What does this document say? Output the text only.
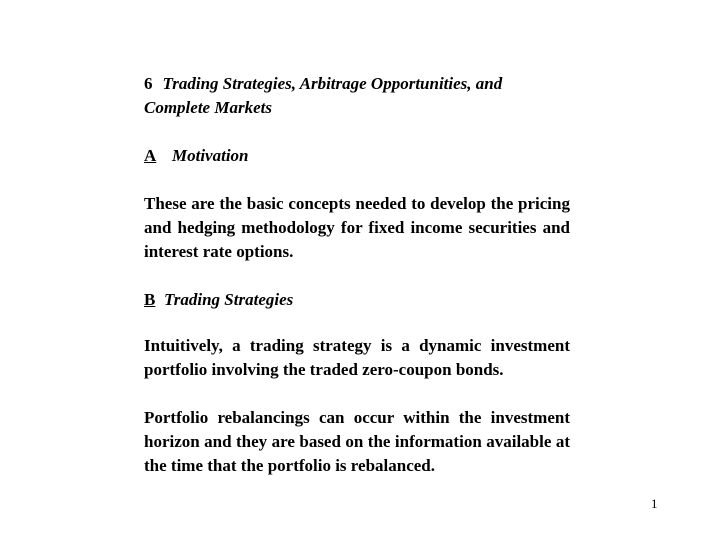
6 Trading Strategies, Arbitrage Opportunities, and Complete Markets

A Motivation

These are the basic concepts needed to develop the pricing and hedging methodology for fixed income securities and interest rate options.

B Trading Strategies

Intuitively, a trading strategy is a dynamic investment portfolio involving the traded zero-coupon bonds.

Portfolio rebalancings can occur within the investment horizon and they are based on the information available at the time that the portfolio is rebalanced.

1
